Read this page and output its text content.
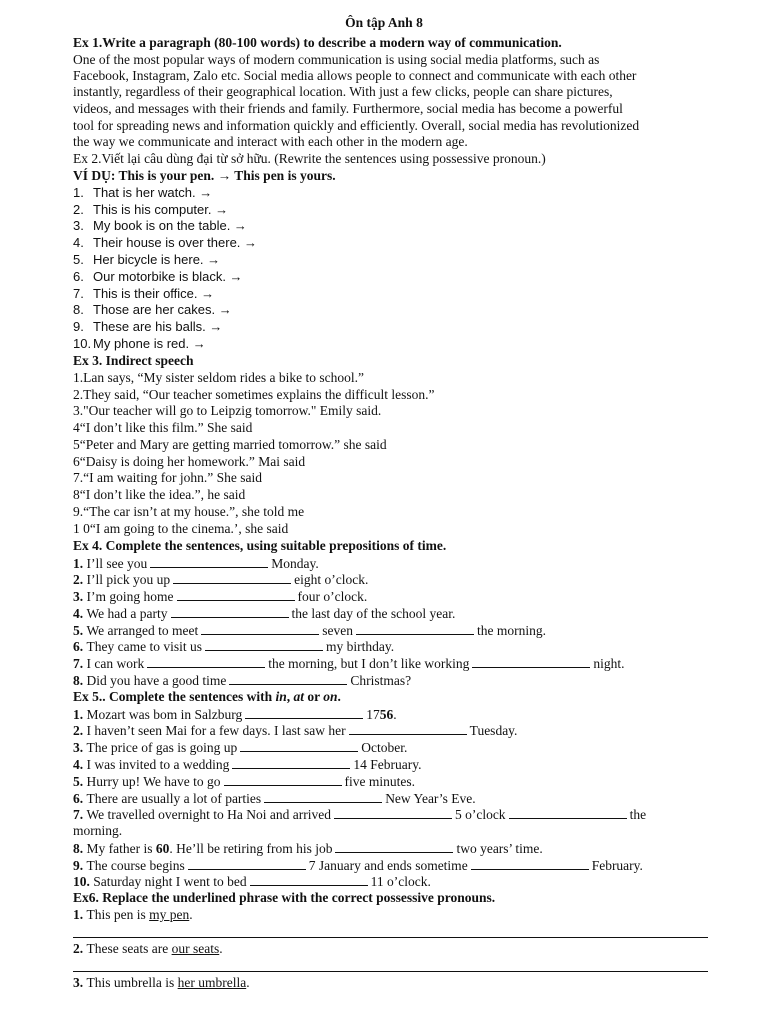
Ôn tập Anh 8

Ex 1.Write a paragraph (80-100 words) to describe a modern way of communication.

One of the most popular ways of modern communication is using social media platforms, such as

Facebook, Instagram, Zalo etc. Social media allows people to connect and communicate with each other

instantly, regardless of their geographical location. With just a few clicks, people can share pictures,

videos, and messages with their friends and family. Furthermore, social media has become a powerful

tool for spreading news and information quickly and efficiently. Overall, social media has revolutionized

the way we communicate and interact with each other in the modern age.

Ex 2.Viết lại câu dùng đại từ sở hữu. (Rewrite the sentences using possessive pronoun.)

VÍ DỤ: This is your pen. → This pen is yours.

1. That is her watch. →

2. This is his computer. →

3. My book is on the table. →

4. Their house is over there. →

5. Her bicycle is here. →

6. Our motorbike is black. →

7. This is their office. →

8. Those are her cakes. →

9. These are his balls. →

10. My phone is red. →

Ex 3. Indirect speech

1.Lan says, “My sister seldom rides a bike to school.”

2.They said, “Our teacher sometimes explains the difficult lesson.”

3."Our teacher will go to Leipzig tomorrow." Emily said.

4“I don’t like this film.” She said

5“Peter and Mary are getting married tomorrow.” she said

6“Daisy is doing her homework.” Mai said

7.“I am waiting for john.” She said

8“I don’t like the idea.”, he said

9.“The car isn’t at my house.”, she told me

1 0“I am going to the cinema.’, she said

Ex 4. Complete the sentences, using suitable prepositions of time.

1. I’ll see you	Monday.

2. I’ll pick you up	eight o’clock.

3. I’m going home	four o’clock.

4. We had a party	the last day of the school year.

5. We arranged to meet	seven	the morning.

6. They came to visit us	my birthday.

7. I can work	the morning, but I don’t like working	night.

8. Did you have a good time	Christmas?

Ex 5.. Complete the sentences with in, at or on.

1. Mozart was bom in Salzburg	1756.

2. I haven’t seen Mai for a few days. I last saw her	Tuesday.

3. The price of gas is going up	October.

4. I was invited to a wedding	14 February.

5. Hurry up! We have to go	five minutes.

6. There are usually a lot of parties	New Year’s Eve.

7. We travelled overnight to Ha Noi and arrived	5 o’clock	the

morning.

8. My father is 60. He’ll be retiring from his job	two years’ time.

9. The course begins	7 January and ends sometime	February.

10. Saturday night I went to bed	11 o’clock.

Ex6. Replace the underlined phrase with the correct possessive pronouns.

1. This pen is my pen.

2. These seats are our seats.

3. This umbrella is her umbrella.
